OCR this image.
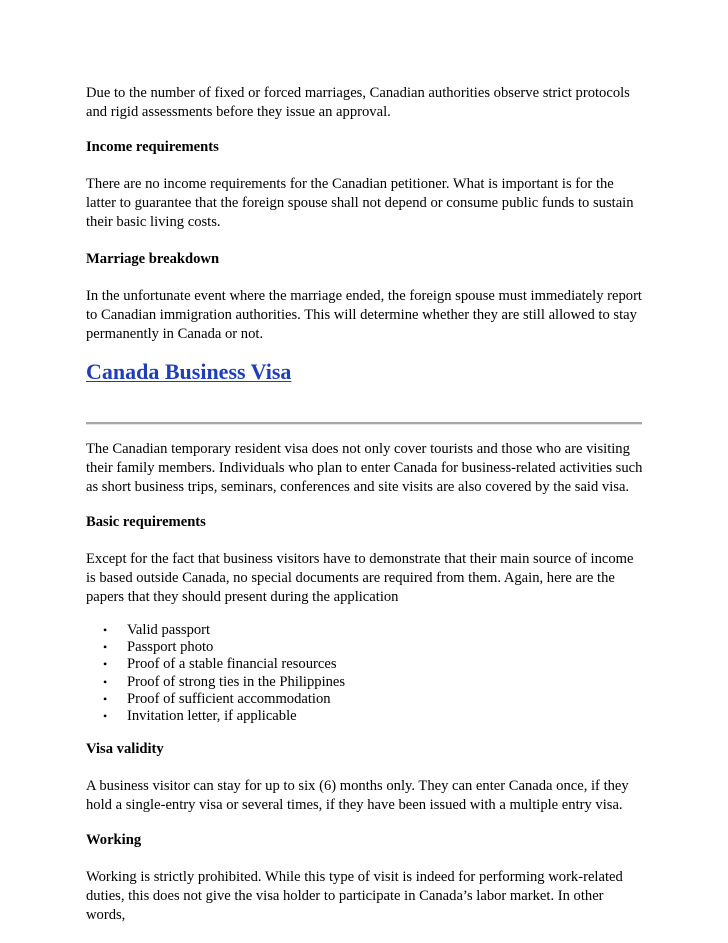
Due to the number of fixed or forced marriages, Canadian authorities observe strict protocols and rigid assessments before they issue an approval.

Income requirements

There are no income requirements for the Canadian petitioner. What is important is for the latter to guarantee that the foreign spouse shall not depend or consume public funds to sustain their basic living costs.

Marriage breakdown

In the unfortunate event where the marriage ended, the foreign spouse must immediately report to Canadian immigration authorities. This will determine whether they are still allowed to stay permanently in Canada or not.

Canada Business Visa

The Canadian temporary resident visa does not only cover tourists and those who are visiting their family members. Individuals who plan to enter Canada for business-related activities such as short business trips, seminars, conferences and site visits are also covered by the said visa.

Basic requirements

Except for the fact that business visitors have to demonstrate that their main source of income is based outside Canada, no special documents are required from them. Again, here are the papers that they should present during the application

• Valid passport
• Passport photo
• Proof of a stable financial resources
• Proof of strong ties in the Philippines
• Proof of sufficient accommodation
• Invitation letter, if applicable

Visa validity

A business visitor can stay for up to six (6) months only. They can enter Canada once, if they hold a single-entry visa or several times, if they have been issued with a multiple entry visa.

Working

Working is strictly prohibited. While this type of visit is indeed for performing work-related duties, this does not give the visa holder to participate in Canada’s labor market. In other words,
